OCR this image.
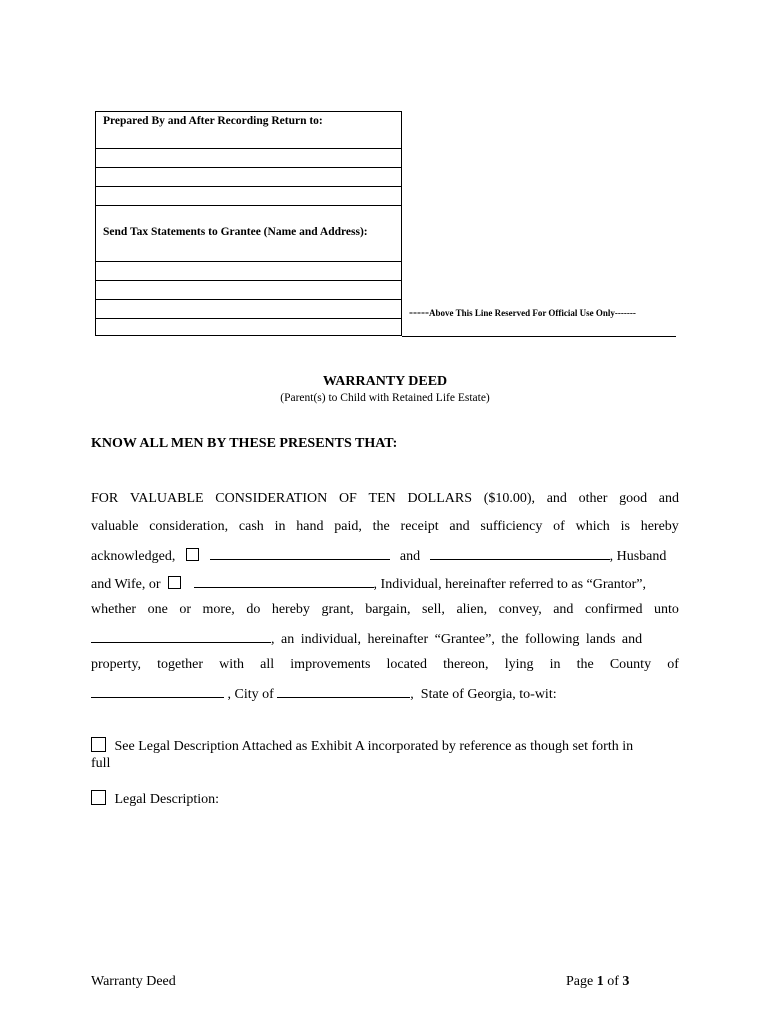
Prepared By and After Recording Return to:
Send Tax Statements to Grantee (Name and Address):
-----Above This Line Reserved For Official Use Only-------
WARRANTY DEED
(Parent(s) to Child with Retained Life Estate)
KNOW ALL MEN BY THESE PRESENTS THAT:
FOR VALUABLE CONSIDERATION OF TEN DOLLARS ($10.00), and other good and
valuable consideration, cash in hand paid, the receipt and sufficiency of which is hereby
acknowledged,	and	, Husband
and Wife, or	, Individual, hereinafter referred to as “Grantor”,
whether one or more, do hereby grant, bargain, sell, alien, convey, and confirmed unto
, an individual, hereinafter “Grantee”, the following lands and
property, together with all improvements located thereon, lying in the County of
, City of	,  State of Georgia, to-wit:
See Legal Description Attached as Exhibit A incorporated by reference as though set forth in
full
Legal Description:
Warranty Deed	Page 1 of 3
